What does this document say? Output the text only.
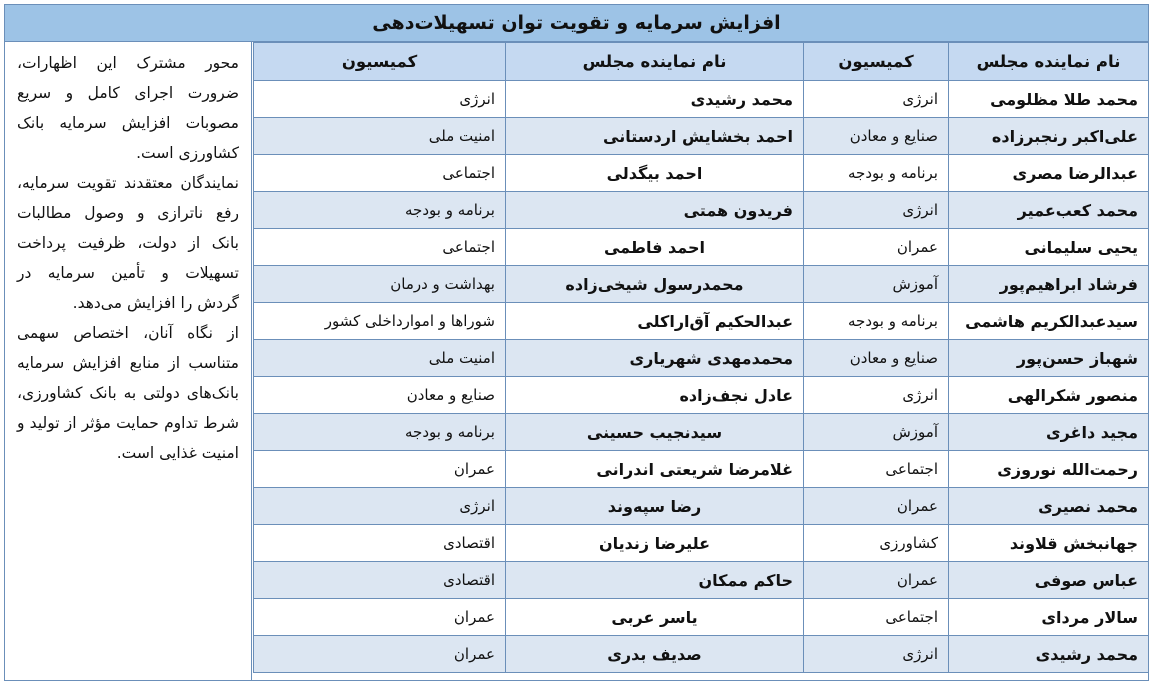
افزایش سرمایه و تقویت توان تسهیلات‌دهی

محور مشترک این اظهارات، ضرورت اجرای کامل و سریع مصوبات افزایش سرمایه بانک کشاورزی است.

نمایندگان معتقدند تقویت سرمایه، رفع ناترازی و وصول مطالبات بانک از دولت، ظرفیت پرداخت تسهیلات و تأمین سرمایه در گردش را افزایش می‌دهد.

از نگاه آنان، اختصاص سهمی متناسب از منابع افزایش سرمایه بانک‌های دولتی به بانک کشاورزی، شرط تداوم حمایت مؤثر از تولید و امنیت غذایی است.

نام نماینده مجلس	کمیسیون	نام نماینده مجلس	کمیسیون
محمد طلا مظلومی	انرژی	محمد رشیدی	انرژی
علی‌اکبر رنجبرزاده	صنایع و معادن	احمد بخشایش اردستانی	امنیت ملی
عبدالرضا مصری	برنامه و بودجه	احمد بیگدلی	اجتماعی
محمد کعب‌عمیر	انرژی	فریدون همتی	برنامه و بودجه
یحیی سلیمانی	عمران	احمد فاطمی	اجتماعی
فرشاد ابراهیم‌پور	آموزش	محمدرسول شیخی‌زاده	بهداشت و درمان
سیدعبدالکریم هاشمی	برنامه و بودجه	عبدالحکیم آق‌اراکلی	شوراها و اموارداخلی کشور
شهباز حسن‌پور	صنایع و معادن	محمدمهدی شهریاری	امنیت ملی
منصور شکرالهی	انرژی	عادل نجف‌زاده	صنایع و معادن
مجید داغری	آموزش	سیدنجیب حسینی	برنامه و بودجه
رحمت‌الله نوروزی	اجتماعی	غلامرضا شریعتی اندرانی	عمران
محمد نصیری	عمران	رضا سپه‌وند	انرژی
جهانبخش قلاوند	کشاورزی	علیرضا زندیان	اقتصادی
عباس صوفی	عمران	حاکم ممکان	اقتصادی
سالار مردای	اجتماعی	یاسر عربی	عمران
محمد رشیدی	انرژی	صدیف بدری	عمران
